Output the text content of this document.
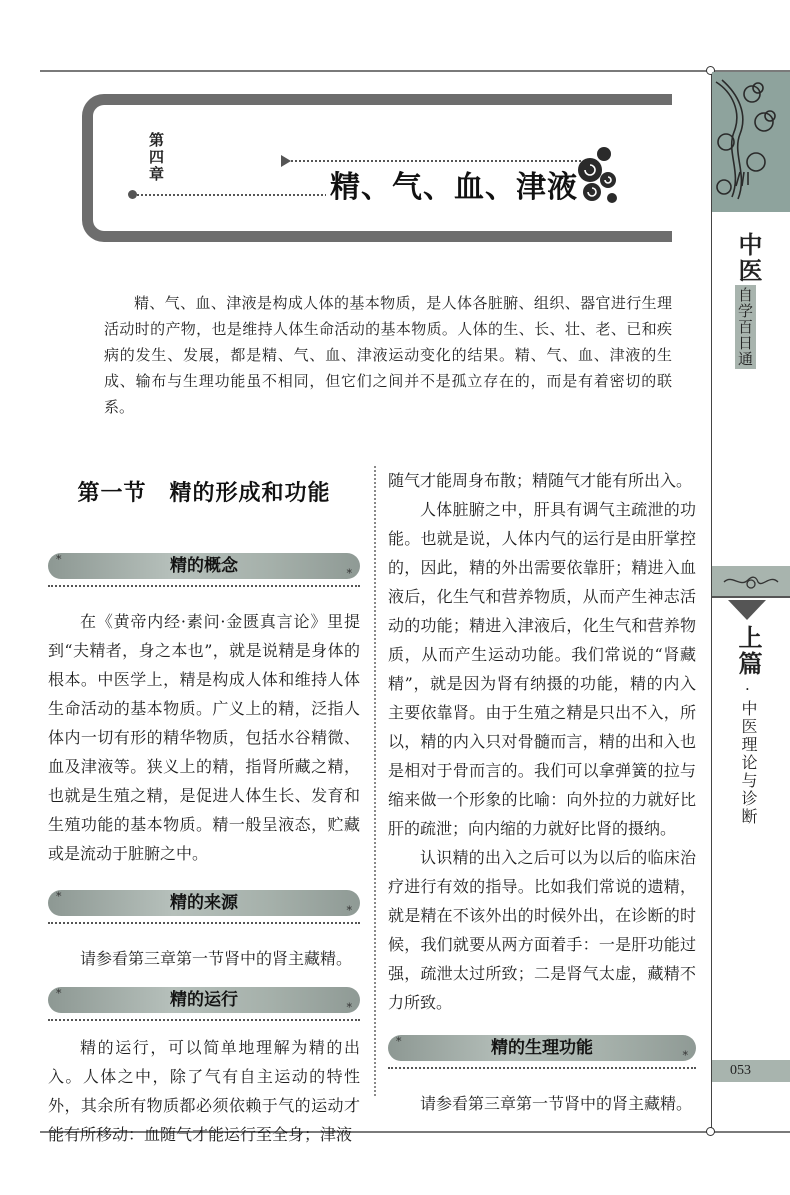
中医
自学百日通
上篇
·
中医理论与诊断
053
第四章
精、气、血、津液
精、气、血、津液是构成人体的基本物质，是人体各脏腑、组织、器官进行生理活动时的产物，也是维持人体生命活动的基本物质。人体的生、长、壮、老、已和疾病的发生、发展，都是精、气、血、津液运动变化的结果。精、气、血、津液的生成、输布与生理功能虽不相同，但它们之间并不是孤立存在的，而是有着密切的联系。
第一节　精的形成和功能
*	精的概念	*

在《黄帝内经·素问·金匮真言论》里提到“夫精者，身之本也”，就是说精是身体的根本。中医学上，精是构成人体和维持人体生命活动的基本物质。广义上的精，泛指人体内一切有形的精华物质，包括水谷精微、血及津液等。狭义上的精，指肾所藏之精，也就是生殖之精，是促进人体生长、发育和生殖功能的基本物质。精一般呈液态，贮藏或是流动于脏腑之中。

*	精的来源	*

请参看第三章第一节肾中的肾主藏精。

*	精的运行	*

精的运行，可以简单地理解为精的出入。人体之中，除了气有自主运动的特性外，其余所有物质都必须依赖于气的运动才能有所移动：血随气才能运行至全身；津液

随气才能周身布散；精随气才能有所出入。

人体脏腑之中，肝具有调气主疏泄的功能。也就是说，人体内气的运行是由肝掌控的，因此，精的外出需要依靠肝；精进入血液后，化生气和营养物质，从而产生神志活动的功能；精进入津液后，化生气和营养物质，从而产生运动功能。我们常说的“肾藏精”，就是因为肾有纳摄的功能，精的内入主要依靠肾。由于生殖之精是只出不入，所以，精的内入只对骨髓而言，精的出和入也是相对于骨而言的。我们可以拿弹簧的拉与缩来做一个形象的比喻：向外拉的力就好比肝的疏泄；向内缩的力就好比肾的摄纳。

认识精的出入之后可以为以后的临床治疗进行有效的指导。比如我们常说的遗精，就是精在不该外出的时候外出，在诊断的时候，我们就要从两方面着手：一是肝功能过强，疏泄太过所致；二是肾气太虚，藏精不力所致。

*	精的生理功能	*

请参看第三章第一节肾中的肾主藏精。
